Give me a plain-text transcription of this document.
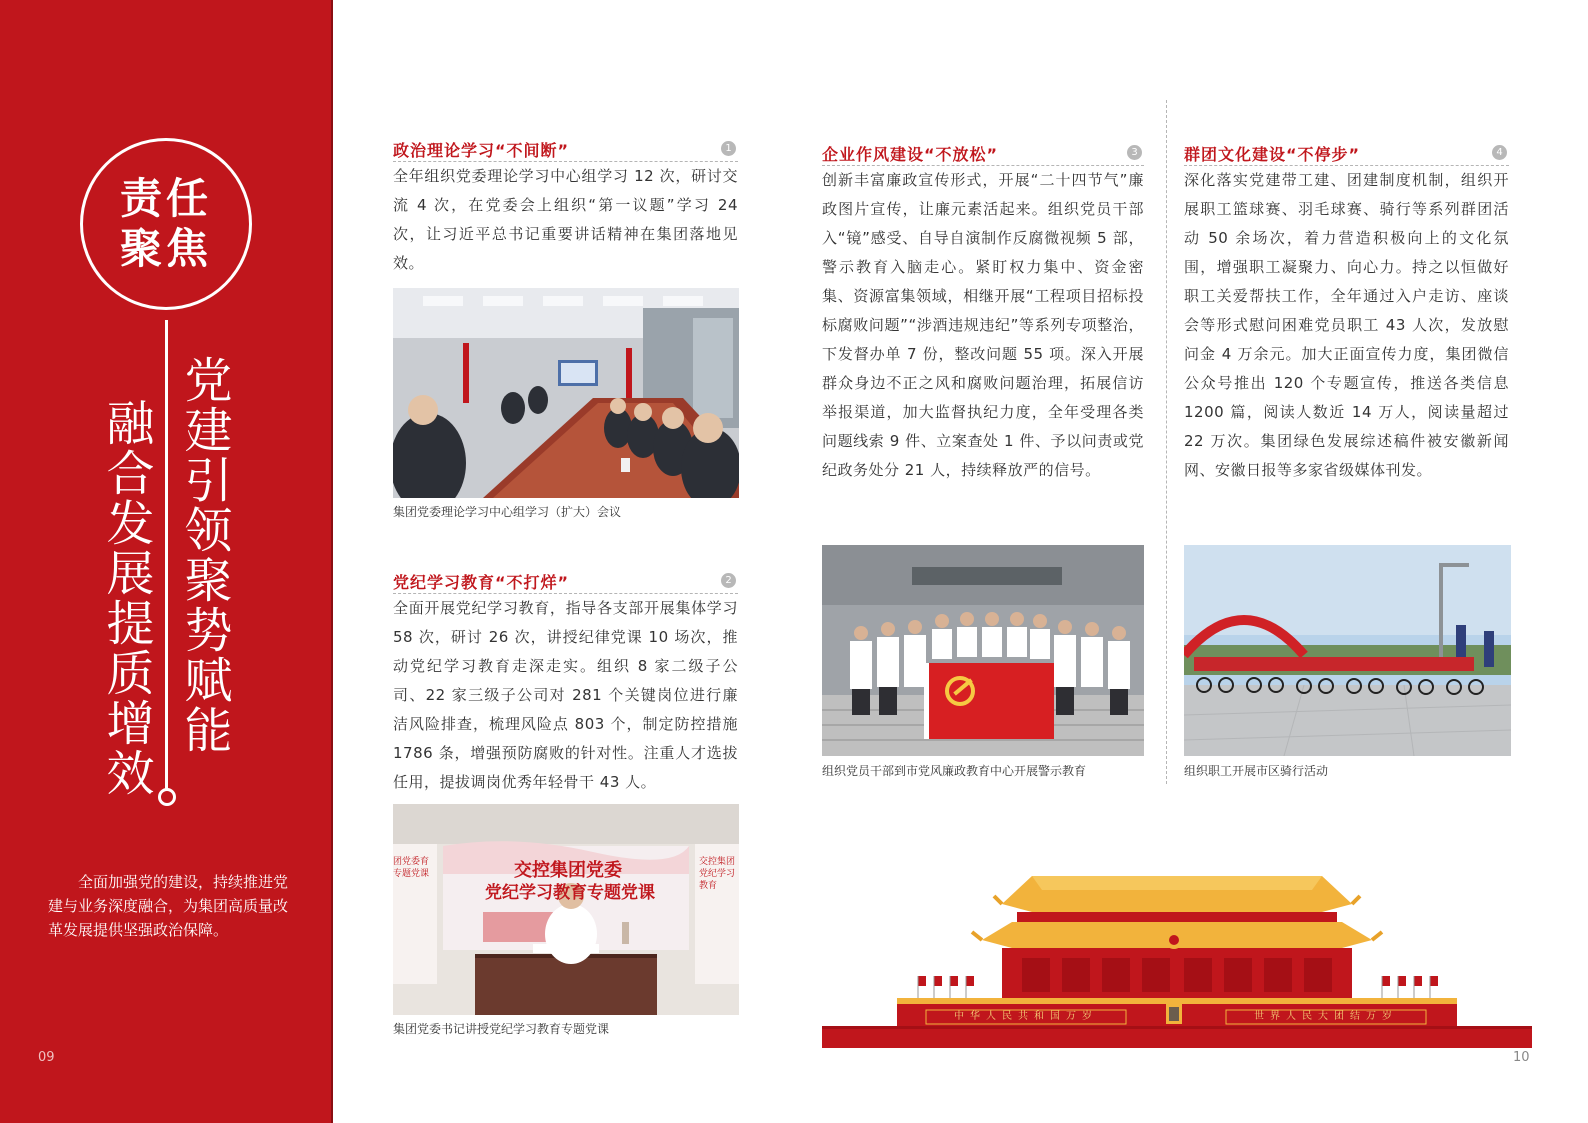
责任
聚焦
党建引领聚势赋能
融合发展提质增效

全面加强党的建设，持续推进党建与业务深度融合，为集团高质量改革发展提供坚强政治保障。

09
政治理论学习“不间断”	1

全年组织党委理论学习中心组学习 12 次，研讨交流 4 次，在党委会上组织“第一议题”学习 24 次，让习近平总书记重要讲话精神在集团落地见效。

集团党委理论学习中心组学习（扩大）会议
党纪学习教育“不打烊”	2

全面开展党纪学习教育，指导各支部开展集体学习 58 次，研讨 26 次，讲授纪律党课 10 场次，推动党纪学习教育走深走实。组织 8 家二级子公司、22 家三级子公司对 281 个关键岗位进行廉洁风险排查，梳理风险点 803 个，制定防控措施 1786 条，增强预防腐败的针对性。注重人才选拔任用，提拔调岗优秀年轻骨干 43 人。

交控集团党委
党纪学习教育专题党课
团党委育专题党课
交控集团党纪学习教育
集团党委书记讲授党纪学习教育专题党课
企业作风建设“不放松”	3

创新丰富廉政宣传形式，开展“二十四节气”廉政图片宣传，让廉元素活起来。组织党员干部入“镜”感受、自导自演制作反腐微视频 5 部，警示教育入脑走心。紧盯权力集中、资金密集、资源富集领域，相继开展“工程项目招标投标腐败问题”“涉酒违规违纪”等系列专项整治，下发督办单 7 份，整改问题 55 项。深入开展群众身边不正之风和腐败问题治理，拓展信访举报渠道，加大监督执纪力度，全年受理各类问题线索 9 件、立案查处 1 件、予以问责或党纪政务处分 21 人，持续释放严的信号。

组织党员干部到市党风廉政教育中心开展警示教育
群团文化建设“不停步”	4

深化落实党建带工建、团建制度机制，组织开展职工篮球赛、羽毛球赛、骑行等系列群团活动 50 余场次，着力营造积极向上的文化氛围，增强职工凝聚力、向心力。持之以恒做好职工关爱帮扶工作，全年通过入户走访、座谈会等形式慰问困难党员职工 43 人次，发放慰问金 4 万余元。加大正面宣传力度，集团微信公众号推出 120 个专题宣传，推送各类信息 1200 篇，阅读人数近 14 万人，阅读量超过 22 万次。集团绿色发展综述稿件被安徽新闻网、安徽日报等多家省级媒体刊发。

组织职工开展市区骑行活动
中华人民共和国万岁	世界人民大团结万岁
10
